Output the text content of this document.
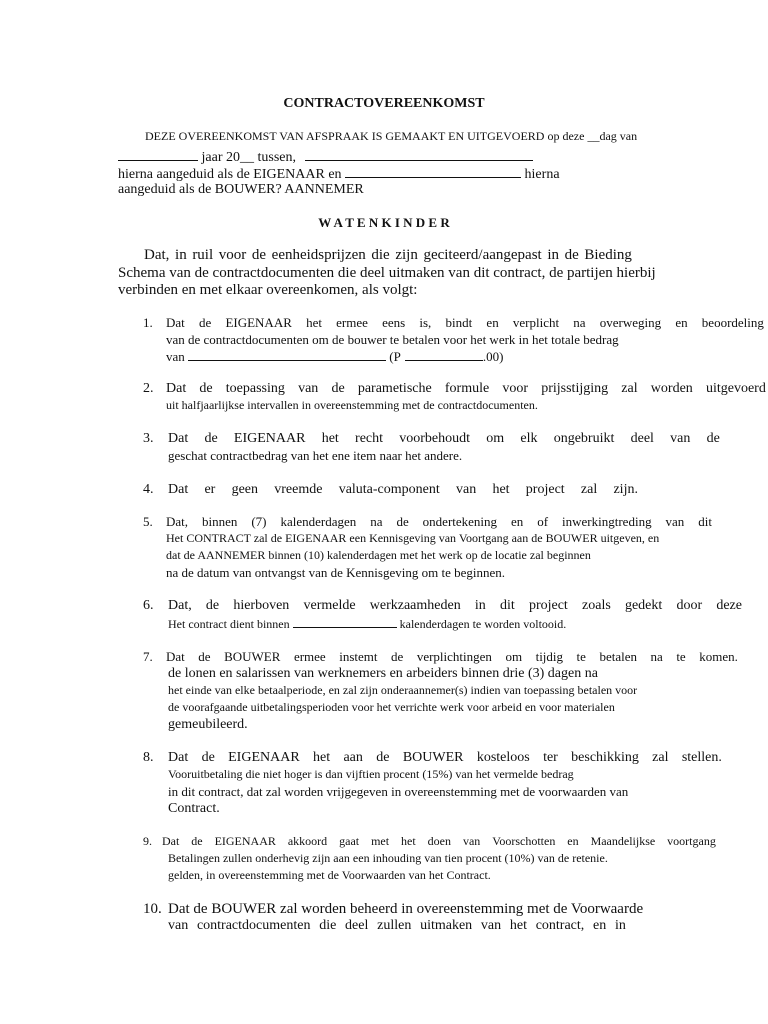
CONTRACTOVEREENKOMST
DEZE OVEREENKOMST VAN AFSPRAAK IS GEMAAKT EN UITGEVOERD op deze __dag van
jaar 20__ tussen,
hierna aangeduid als de EIGENAAR en	hierna
aangeduid als de BOUWER? AANNEMER
W A T E N K I N D E R
Dat, in ruil voor de eenheidsprijzen die zijn geciteerd/aangepast in de Bieding
Schema van de contractdocumenten die deel uitmaken van dit contract, de partijen hierbij
verbinden en met elkaar overeenkomen, als volgt:
1. Dat de EIGENAAR het ermee eens is, bindt en verplicht na overweging en beoordeling
van de contractdocumenten om de bouwer te betalen voor het werk in het totale bedrag
van	(P	.00)
2. Dat de toepassing van de parametische formule voor prijsstijging zal worden uitgevoerd
uit halfjaarlijkse intervallen in overeenstemming met de contractdocumenten.
3. Dat de EIGENAAR het recht voorbehoudt om elk ongebruikt deel van de
geschat contractbedrag van het ene item naar het andere.
4. Dat er geen vreemde valuta-component van het project zal zijn.
5. Dat, binnen (7) kalenderdagen na de ondertekening en of inwerkingtreding van dit
Het CONTRACT zal de EIGENAAR een Kennisgeving van Voortgang aan de BOUWER uitgeven, en
dat de AANNEMER binnen (10) kalenderdagen met het werk op de locatie zal beginnen
na de datum van ontvangst van de Kennisgeving om te beginnen.
6. Dat, de hierboven vermelde werkzaamheden in dit project zoals gedekt door deze
Het contract dient binnen	kalenderdagen te worden voltooid.
7. Dat de BOUWER ermee instemt de verplichtingen om tijdig te betalen na te komen.
de lonen en salarissen van werknemers en arbeiders binnen drie (3) dagen na
het einde van elke betaalperiode, en zal zijn onderaannemer(s) indien van toepassing betalen voor
de voorafgaande uitbetalingsperioden voor het verrichte werk voor arbeid en voor materialen
gemeubileerd.
8. Dat de EIGENAAR het aan de BOUWER kosteloos ter beschikking zal stellen.
Vooruitbetaling die niet hoger is dan vijftien procent (15%) van het vermelde bedrag
in dit contract, dat zal worden vrijgegeven in overeenstemming met de voorwaarden van
Contract.
9. Dat de EIGENAAR akkoord gaat met het doen van Voorschotten en Maandelijkse voortgang
Betalingen zullen onderhevig zijn aan een inhouding van tien procent (10%) van de retenie.
gelden, in overeenstemming met de Voorwaarden van het Contract.
10. Dat de BOUWER zal worden beheerd in overeenstemming met de Voorwaarde
van contractdocumenten die deel zullen uitmaken van het contract, en in
